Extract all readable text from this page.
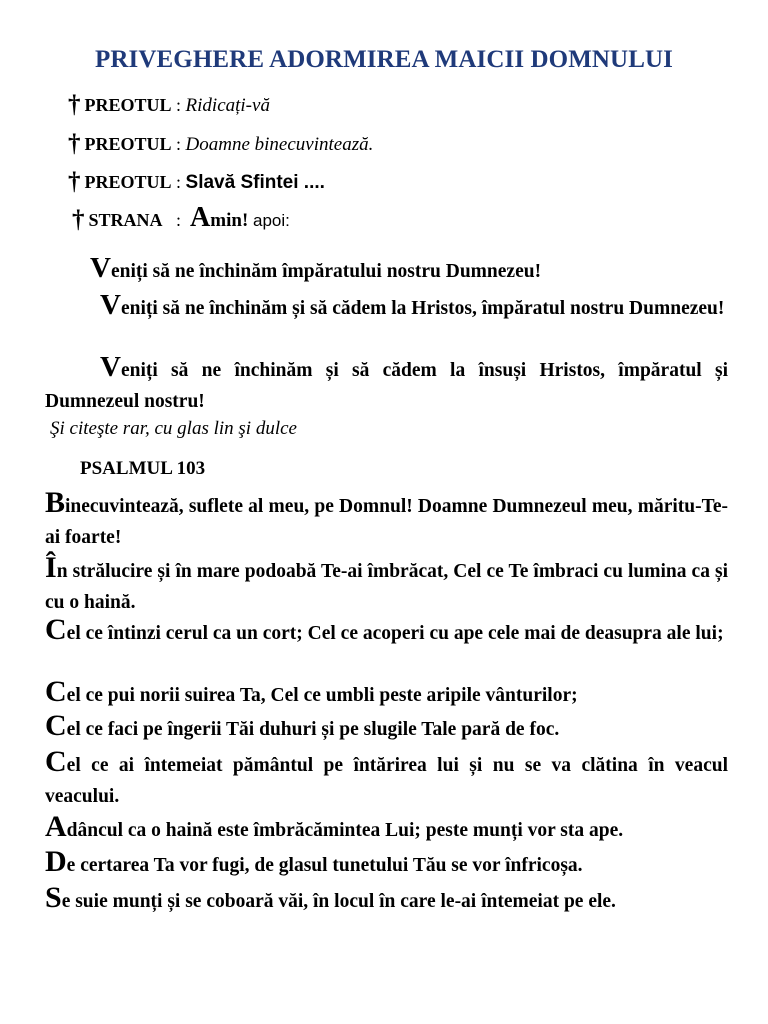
PRIVEGHERE ADORMIREA MAICII DOMNULUI
† PREOTUL : Ridicați-vă
† PREOTUL : Doamne binecuvintează.
† PREOTUL : Slavă Sfintei ....
† STRANA   :  Amin! apoi:

Veniți să ne închinăm împăratului nostru Dumnezeu!

Veniți să ne închinăm și să cădem la Hristos, împăratul nostru Dumnezeu!

Veniți să ne închinăm și să cădem la însuși Hristos, împăratul și Dumnezeul nostru!

Şi citeşte rar, cu glas lin şi dulce
PSALMUL 103

Binecuvintează, suflete al meu, pe Domnul! Doamne Dumnezeul meu, măritu-Te-ai foarte!

În strălucire și în mare podoabă Te-ai îmbrăcat, Cel ce Te îmbraci cu lumina ca și cu o haină.

Cel ce întinzi cerul ca un cort; Cel ce acoperi cu ape cele mai de deasupra ale lui;

Cel ce pui norii suirea Ta, Cel ce umbli peste aripile vânturilor;

Cel ce faci pe îngerii Tăi duhuri și pe slugile Tale pară de foc.

Cel ce ai întemeiat pământul pe întărirea lui și nu se va clătina în veacul veacului.

Adâncul ca o haină este îmbrăcămintea Lui; peste munți vor sta ape.

De certarea Ta vor fugi, de glasul tunetului Tău se vor înfricoșa.

Se suie munți și se coboară văi, în locul în care le-ai întemeiat pe ele.
